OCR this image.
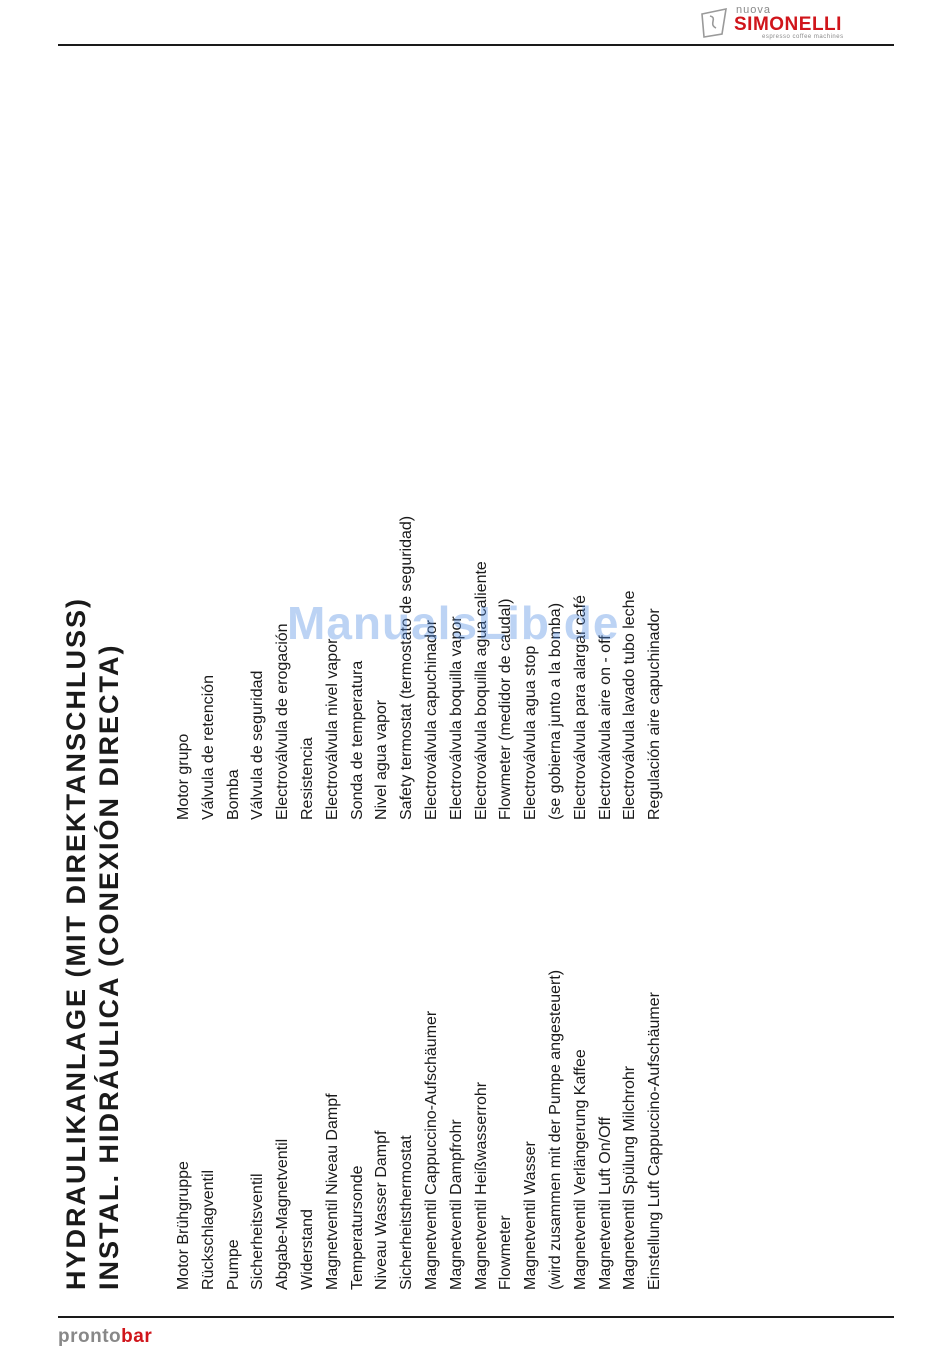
nuova
SIMONELLI
espresso coffee machines
HYDRAULIKANLAGE (MIT DIREKTANSCHLUSS) INSTAL. HIDRÁULICA (CONEXIÓN DIRECTA)	Motor Brühgruppe
Motor grupo
Rückschlagventil
Válvula de retención
Pumpe
Bomba
Sicherheitsventil
Válvula de seguridad
Abgabe-Magnetventil
Electroválvula de erogación
Widerstand
Resistencia
Magnetventil Niveau Dampf
Electroválvula nivel vapor
Temperatursonde
Sonda de temperatura
Niveau Wasser Dampf
Nivel agua vapor
Sicherheitsthermostat
Safety termostat (termostato de seguridad)
Magnetventil Cappuccino-Aufschäumer
Electroválvula capuchinador
Magnetventil Dampfrohr
Electroválvula boquilla vapor
Magnetventil Heißwasserrohr
Electroválvula boquilla agua caliente
Flowmeter
Flowmeter (medidor de caudal)
Magnetventil Wasser
Electroválvula agua stop
(wird zusammen mit der Pumpe angesteuert)
(se gobierna junto a la bomba)
Magnetventil Verlängerung Kaffee
Electroválvula para alargar café
Magnetventil Luft On/Off
Electroválvula aire on - off
Magnetventil Spülung Milchrohr
Electroválvula lavado tubo leche
Einstellung Luft Cappuccino-Aufschäumer
Regulación aire capuchinador
ManualsLib.de
prontobar
